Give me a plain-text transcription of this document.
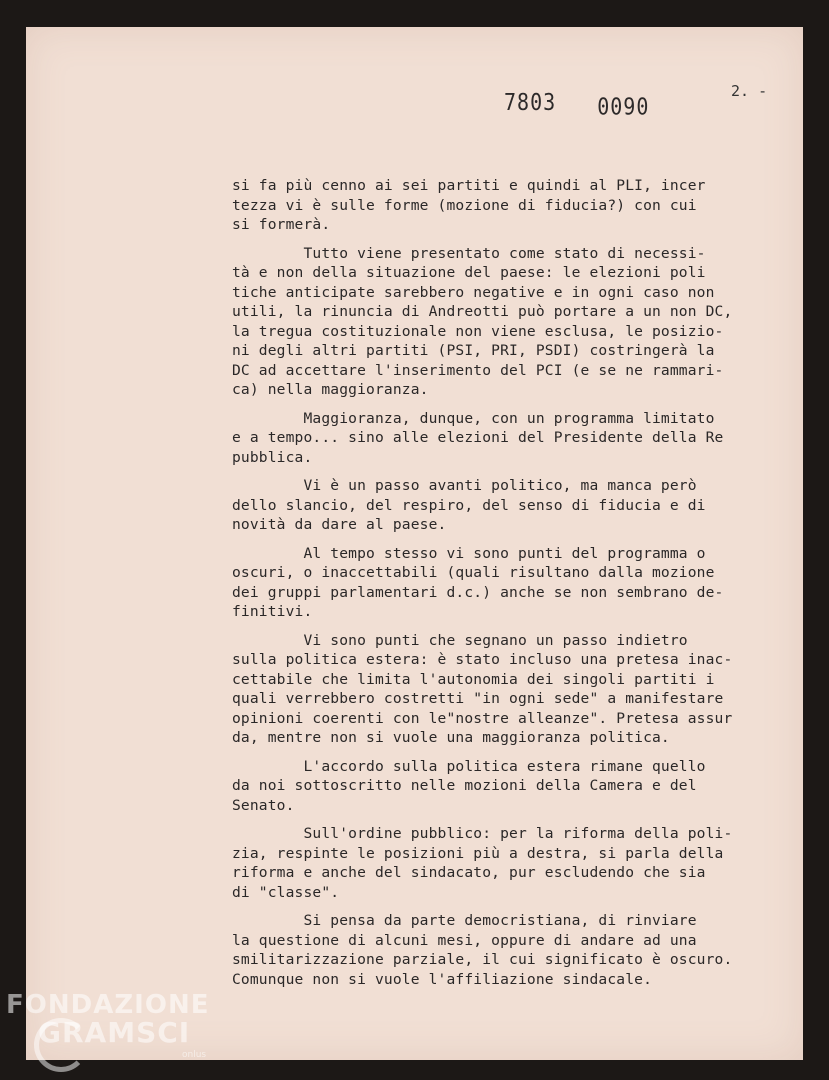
7803 0090
2. -
si fa più cenno ai sei partiti e quindi al PLI, incer
tezza vi è sulle forme (mozione di fiducia?) con cui
si formerà.
Tutto viene presentato come stato di necessi-
tà e non della situazione del paese: le elezioni poli
tiche anticipate sarebbero negative e in ogni caso non
utili, la rinuncia di Andreotti può portare a un non DC,
la tregua costituzionale non viene esclusa, le posizio-
ni degli altri partiti (PSI, PRI, PSDI) costringerà la
DC ad accettare l'inserimento del PCI (e se ne rammari-
ca) nella maggioranza.
Maggioranza, dunque, con un programma limitato
e a tempo... sino alle elezioni del Presidente della Re
pubblica.
Vi è un passo avanti politico, ma manca però
dello slancio, del respiro, del senso di fiducia e di
novità da dare al paese.
Al tempo stesso vi sono punti del programma o
oscuri, o inaccettabili (quali risultano dalla mozione
dei gruppi parlamentari d.c.) anche se non sembrano de-
finitivi.
Vi sono punti che segnano un passo indietro
sulla politica estera: è stato incluso una pretesa inac-
cettabile che limita l'autonomia dei singoli partiti i
quali verrebbero costretti "in ogni sede" a manifestare
opinioni coerenti con le"nostre alleanze". Pretesa assur
da, mentre non si vuole una maggioranza politica.
L'accordo sulla politica estera rimane quello
da noi sottoscritto nelle mozioni della Camera e del
Senato.
Sull'ordine pubblico: per la riforma della poli-
zia, respinte le posizioni più a destra, si parla della
riforma e anche del sindacato, pur escludendo che sia
di "classe".
Si pensa da parte democristiana, di rinviare
la questione di alcuni mesi, oppure di andare ad una
smilitarizzazione parziale, il cui significato è oscuro.
Comunque non si vuole l'affiliazione sindacale.
FONDAZIONE
GRAMSCI
onlus
